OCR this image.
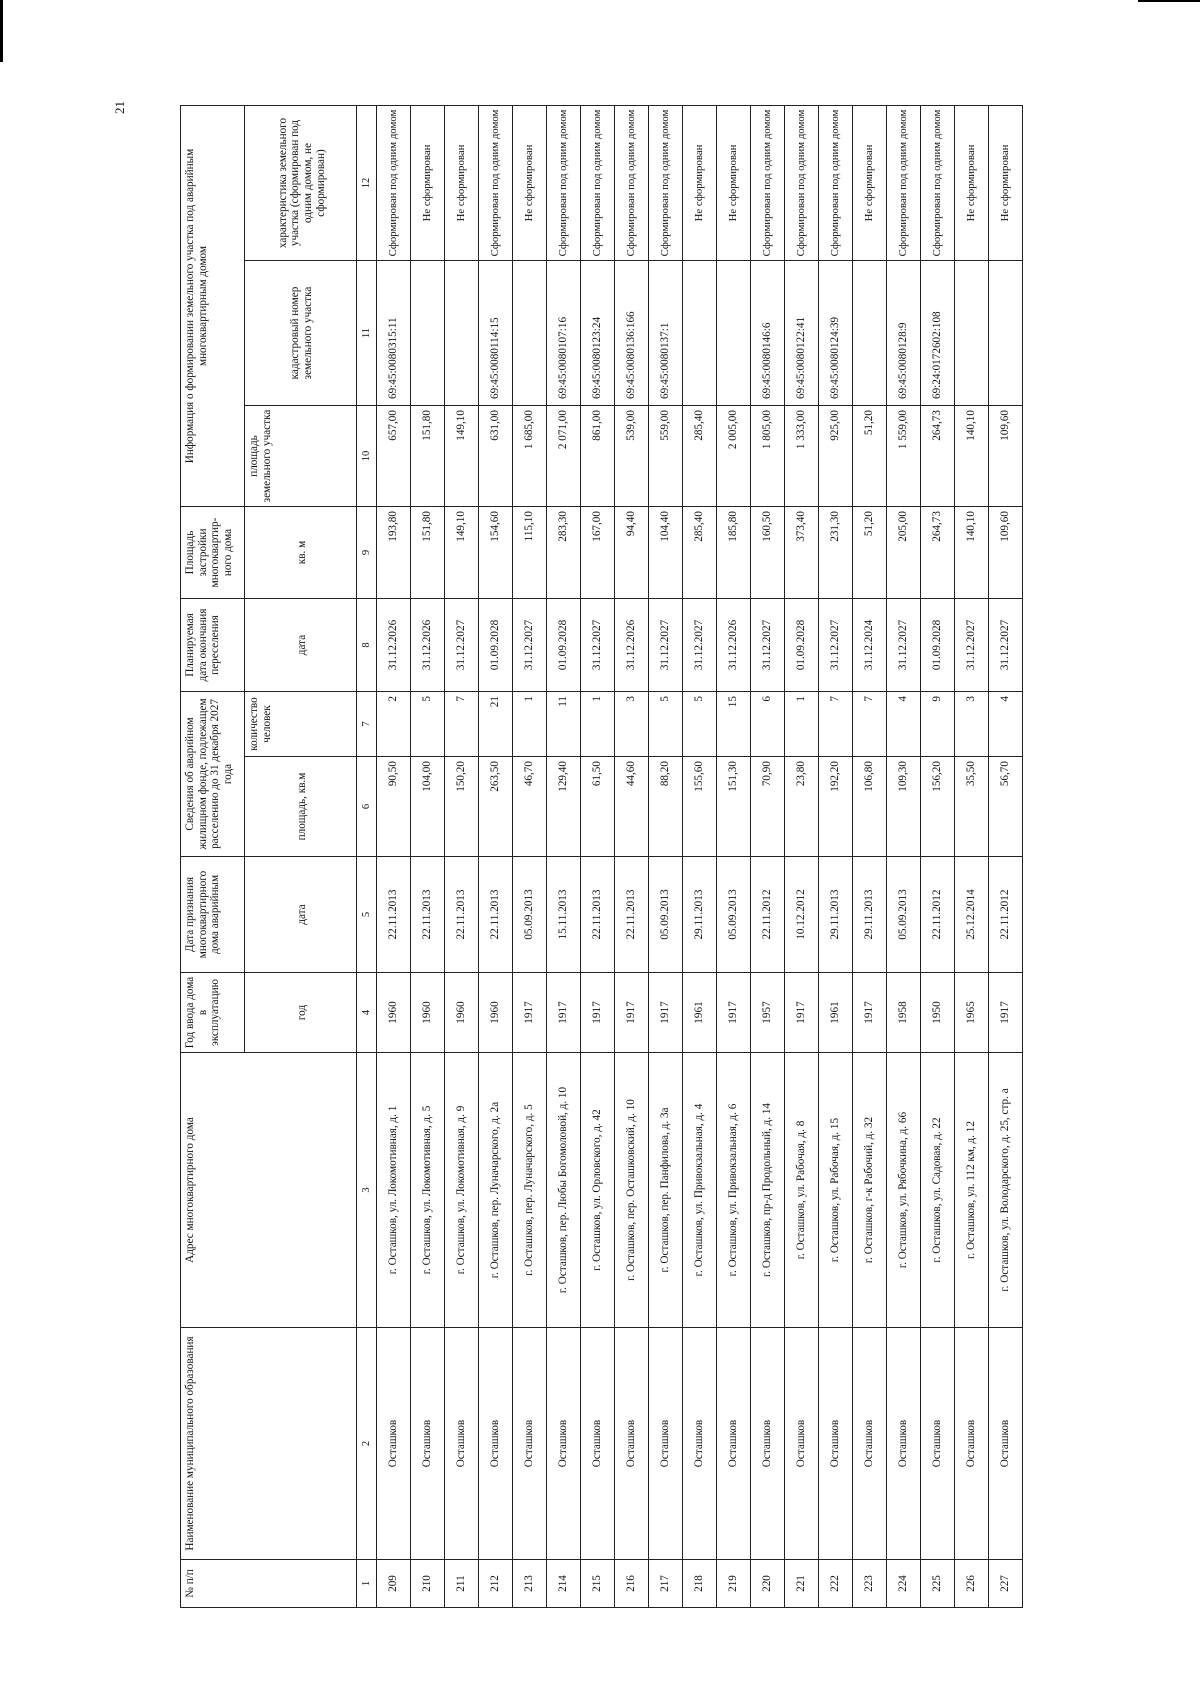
21
№ п/п	Наименование муниципального образования	Адрес многоквартирного дома	Год ввода дома в эксплуатацию	Дата признания многоквартирного дома аварийным	Сведения об аварийном жилищном фонде, подлежащем расселению до 31 декабря 2027 года		Планируемая дата окончания переселения	Площадь застройки многоквартир-ного дома	Информация о формировании земельного участка под аварийным многоквартирным домом		
									площадь земельного участка	кадастровый номер земельного участка	характеристика земельного участка (сформирован под одним домом, не сформирован)
			год	дата	площадь, кв.м	количество человек	дата	кв. м			
1	2	3	4	5	6	7	8	9	10	11	12
209	Осташков	г. Осташков, ул. Локомотивная, д. 1	1960	22.11.2013	90,50	2	31.12.2026	193,80	657,00	69:45:0080315:11	Сформирован под одним домом
210	Осташков	г. Осташков, ул. Локомотивная, д. 5	1960	22.11.2013	104,00	5	31.12.2026	151,80	151,80		Не сформирован
211	Осташков	г. Осташков, ул. Локомотивная, д. 9	1960	22.11.2013	150,20	7	31.12.2027	149,10	149,10		Не сформирован
212	Осташков	г. Осташков, пер. Луначарского, д. 2а	1960	22.11.2013	263,50	21	01.09.2028	154,60	631,00	69:45:0080114:15	Сформирован под одним домом
213	Осташков	г. Осташков, пер. Луначарского, д. 5	1917	05.09.2013	46,70	1	31.12.2027	115,10	1 685,00		Не сформирован
214	Осташков	г. Осташков, пер. Любы Богомоловой, д. 10	1917	15.11.2013	129,40	11	01.09.2028	283,30	2 071,00	69:45:0080107:16	Сформирован под одним домом
215	Осташков	г. Осташков, ул. Орловского, д. 42	1917	22.11.2013	61,50	1	31.12.2027	167,00	861,00	69:45:0080123:24	Сформирован под одним домом
216	Осташков	г. Осташков, пер. Осташковский, д. 10	1917	22.11.2013	44,60	3	31.12.2026	94,40	539,00	69:45:0080136:166	Сформирован под одним домом
217	Осташков	г. Осташков, пер. Панфилова, д. 3а	1917	05.09.2013	88,20	5	31.12.2027	104,40	559,00	69:45:0080137:1	Сформирован под одним домом
218	Осташков	г. Осташков, ул. Привокзальная, д. 4	1961	29.11.2013	155,60	5	31.12.2027	285,40	285,40		Не сформирован
219	Осташков	г. Осташков, ул. Привокзальная, д. 6	1917	05.09.2013	151,30	15	31.12.2026	185,80	2 005,00		Не сформирован
220	Осташков	г. Осташков, пр-д Продольный, д. 14	1957	22.11.2012	70,90	6	31.12.2027	160,50	1 805,00	69:45:0080146:6	Сформирован под одним домом
221	Осташков	г. Осташков, ул. Рабочая, д. 8	1917	10.12.2012	23,80	1	01.09.2028	373,40	1 333,00	69:45:0080122:41	Сформирован под одним домом
222	Осташков	г. Осташков, ул. Рабочая, д. 15	1961	29.11.2013	192,20	7	31.12.2027	231,30	925,00	69:45:0080124:39	Сформирован под одним домом
223	Осташков	г. Осташков, г-к Рабочий, д. 32	1917	29.11.2013	106,80	7	31.12.2024	51,20	51,20		Не сформирован
224	Осташков	г. Осташков, ул. Рябочкина, д. 66	1958	05.09.2013	109,30	4	31.12.2027	205,00	1 559,00	69:45:0080128:9	Сформирован под одним домом
225	Осташков	г. Осташков, ул. Садовая, д. 22	1950	22.11.2012	156,20	9	01.09.2028	264,73	264,73	69:24:0172602:108	Сформирован под одним домом
226	Осташков	г. Осташков, ул. 112 км, д. 12	1965	25.12.2014	35,50	3	31.12.2027	140,10	140,10		Не сформирован
227	Осташков	г. Осташков, ул. Володарского, д. 25, стр. а	1917	22.11.2012	56,70	4	31.12.2027	109,60	109,60		Не сформирован
